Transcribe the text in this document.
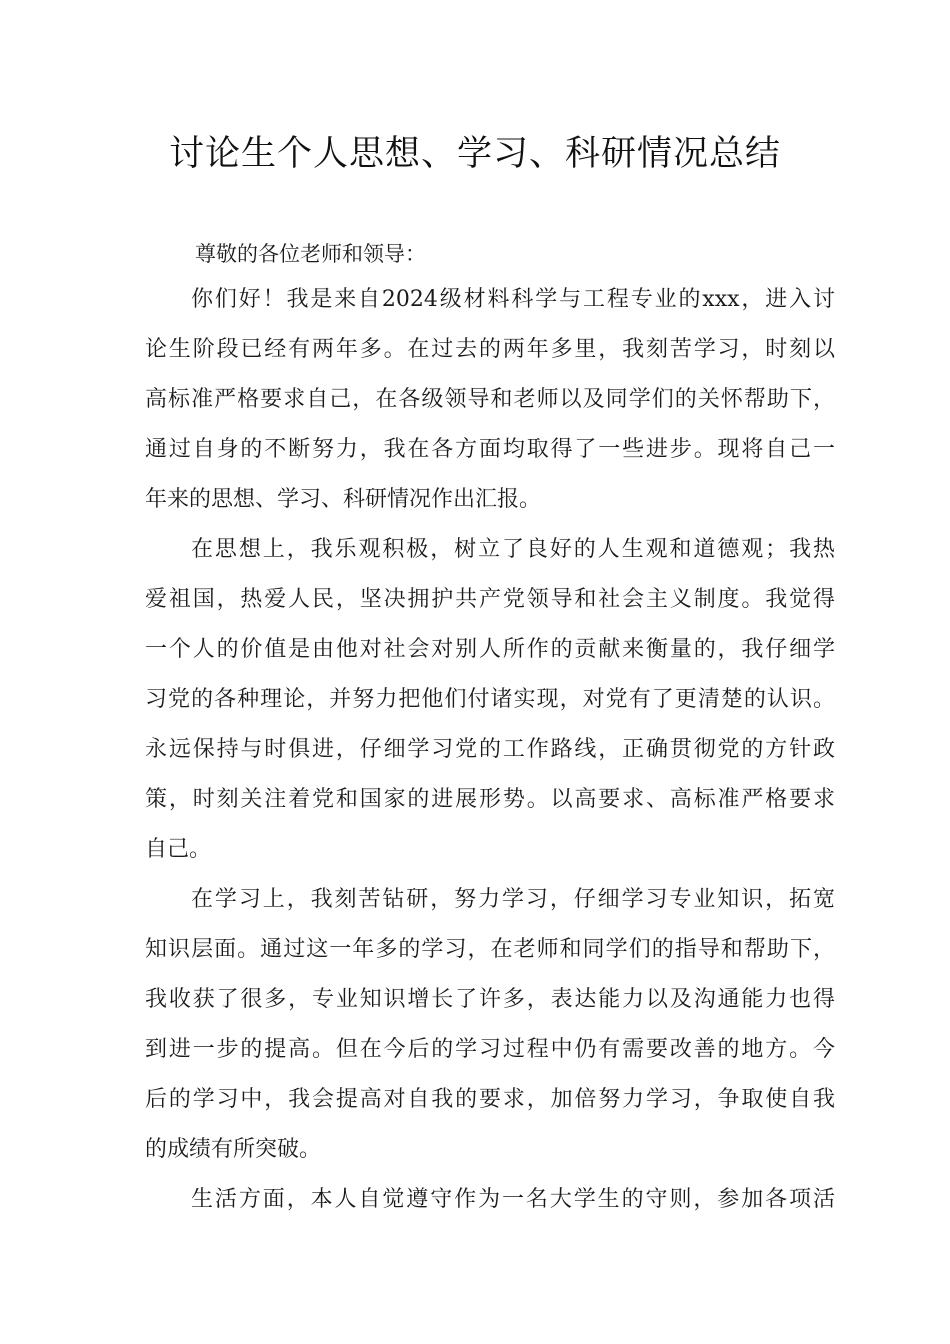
讨论生个人思想、学习、科研情况总结
尊敬的各位老师和领导：
你们好！我是来自2024级材料科学与工程专业的xxx，进入讨
论生阶段已经有两年多。在过去的两年多里，我刻苦学习，时刻以
高标准严格要求自己，在各级领导和老师以及同学们的关怀帮助下，
通过自身的不断努力，我在各方面均取得了一些进步。现将自己一
年来的思想、学习、科研情况作出汇报。
在思想上，我乐观积极，树立了良好的人生观和道德观；我热
爱祖国，热爱人民，坚决拥护共产党领导和社会主义制度。我觉得
一个人的价值是由他对社会对别人所作的贡献来衡量的，我仔细学
习党的各种理论，并努力把他们付诸实现，对党有了更清楚的认识。
永远保持与时俱进，仔细学习党的工作路线，正确贯彻党的方针政
策，时刻关注着党和国家的进展形势。以高要求、高标准严格要求
自己。
在学习上，我刻苦钻研，努力学习，仔细学习专业知识，拓宽
知识层面。通过这一年多的学习，在老师和同学们的指导和帮助下，
我收获了很多，专业知识增长了许多，表达能力以及沟通能力也得
到进一步的提高。但在今后的学习过程中仍有需要改善的地方。今
后的学习中，我会提高对自我的要求，加倍努力学习，争取使自我
的成绩有所突破。
生活方面，本人自觉遵守作为一名大学生的守则，参加各项活
